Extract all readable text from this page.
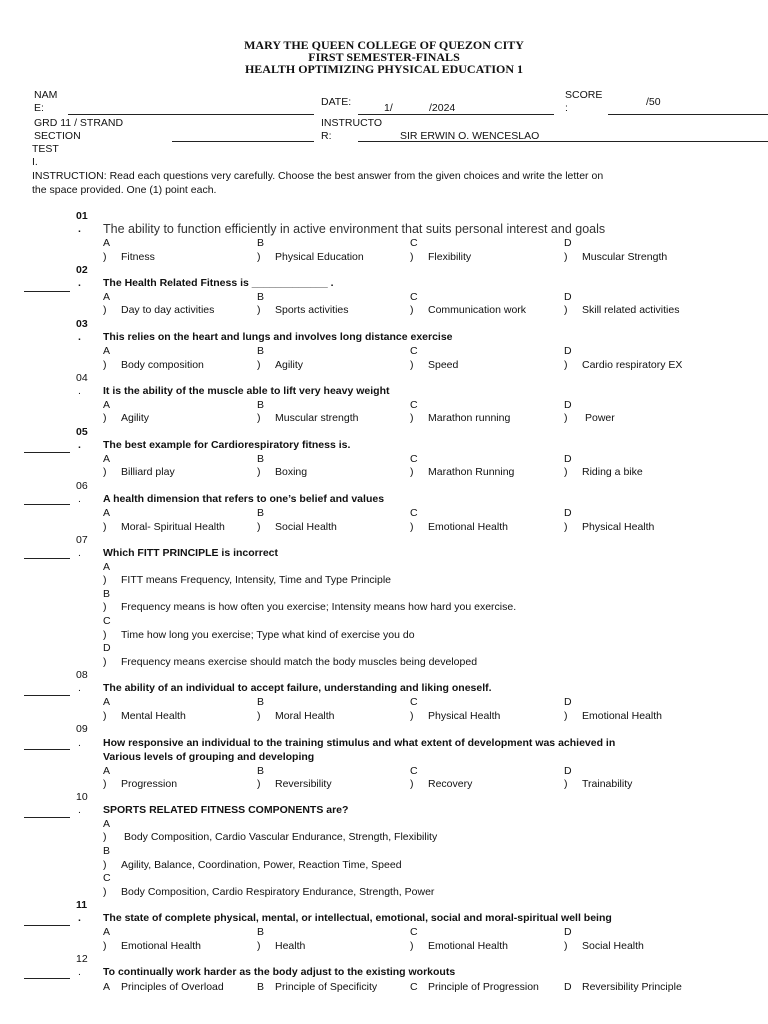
MARY THE QUEEN COLLEGE OF QUEZON CITY
FIRST SEMESTER-FINALS
HEALTH OPTIMIZING PHYSICAL EDUCATION 1
NAM
E:	DATE:	1/	/2024
SCORE
:	/50
GRD 11 / STRAND
SECTION
INSTRUCTO
R:	SIR ERWIN O. WENCESLAO
TEST
I.
INSTRUCTION: Read each questions very carefully. Choose the best answer from the given choices and write the letter on
the space provided. One (1) point each.
01
. The ability to function efficiently in active environment that suits personal interest and goals
A	B	C	D
) Fitness	) Physical Education	) Flexibility	) Muscular Strength
02
. The Health Related Fitness is _____________ .
A	B	C	D
) Day to day activities	) Sports activities	) Communication work	) Skill related activities
03
. This relies on the heart and lungs and involves long distance exercise
A	B	C	D
) Body composition	) Agility	) Speed	) Cardio respiratory EX
04
. It is the ability of the muscle able to lift very heavy weight
A	B	C	D
) Agility	) Muscular strength	) Marathon running	) Power
05
. The best example for Cardiorespiratory fitness is.
A	B	C	D
) Billiard play	) Boxing	) Marathon Running	) Riding a bike
06
. A health dimension that refers to one’s belief and values
A	B	C	D
) Moral- Spiritual Health	) Social Health	) Emotional Health	) Physical Health
07
. Which FITT PRINCIPLE is incorrect
A
) FITT means Frequency, Intensity, Time and Type Principle
B
) Frequency means is how often you exercise; Intensity means how hard you exercise.
C
) Time how long you exercise; Type what kind of exercise you do
D
) Frequency means exercise should match the body muscles being developed
08
. The ability of an individual to accept failure, understanding and liking oneself.
A	B	C	D
) Mental Health	) Moral Health	) Physical Health	) Emotional Health
09
. How responsive an individual to the training stimulus and what extent of development was achieved in
Various levels of grouping and developing
A	B	C	D
) Progression	) Reversibility	) Recovery	) Trainability
10
. SPORTS RELATED FITNESS COMPONENTS are?
A
) Body Composition, Cardio Vascular Endurance, Strength, Flexibility
B
) Agility, Balance, Coordination, Power, Reaction Time, Speed
C
) Body Composition, Cardio Respiratory Endurance, Strength, Power
11
. The state of complete physical, mental, or intellectual, emotional, social and moral-spiritual well being
A	B	C	D
) Emotional Health	) Health	) Emotional Health	) Social Health
12
. To continually work harder as the body adjust to the existing workouts
A Principles of Overload	B Principle of Specificity	C Principle of Progression D Reversibility Principle
